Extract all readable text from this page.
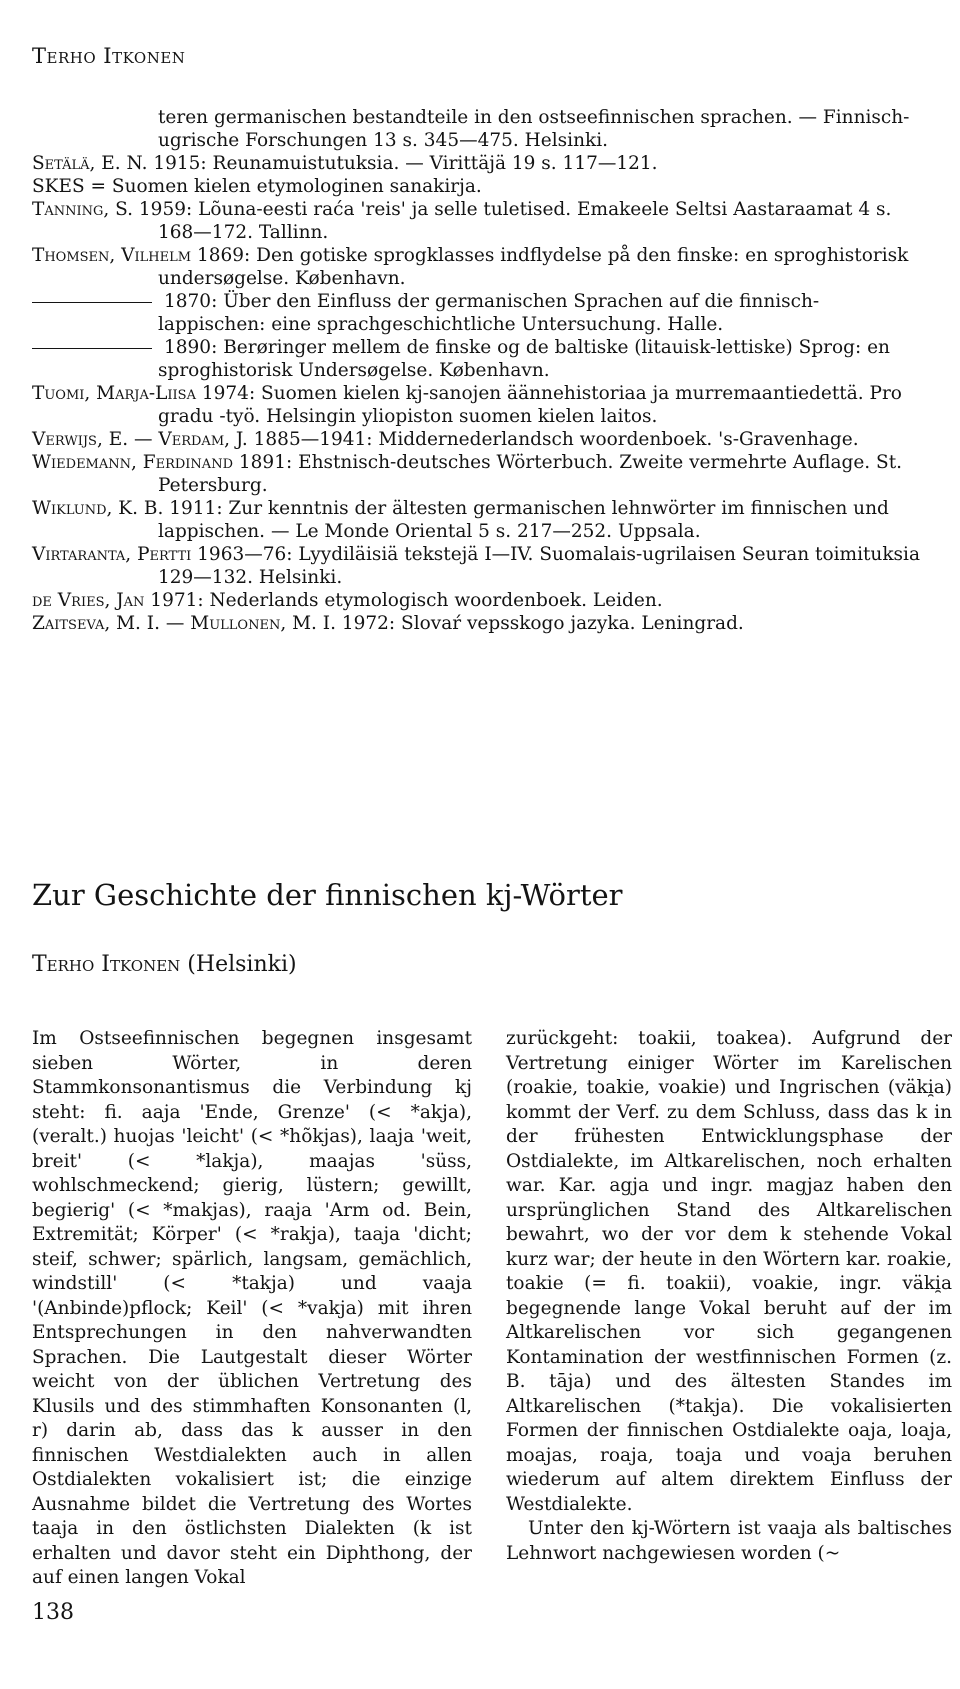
Terho Itkonen

teren germanischen bestandteile in den ostseefinnischen sprachen. — Finnisch-ugrische Forschungen 13 s. 345—475. Helsinki.

Setälä, E. N. 1915: Reunamuistutuksia. — Virittäjä 19 s. 117—121.

SKES = Suomen kielen etymologinen sanakirja.

Tanning, S. 1959: Lõuna-eesti raća 'reis' ja selle tuletised. Emakeele Seltsi Aastaraamat 4 s. 168—172. Tallinn.

Thomsen, Vilhelm 1869: Den gotiske sprogklasses indflydelse på den finske: en sproghistorisk undersøgelse. København.

1870: Über den Einfluss der germanischen Sprachen auf die finnisch-lappischen: eine sprachgeschichtliche Untersuchung. Halle.

1890: Berøringer mellem de finske og de baltiske (litauisk-lettiske) Sprog: en sproghistorisk Undersøgelse. København.

Tuomi, Marja-Liisa 1974: Suomen kielen kj-sanojen äännehistoriaa ja murremaantiedettä. Pro gradu -työ. Helsingin yliopiston suomen kielen laitos.

Verwijs, E. — Verdam, J. 1885—1941: Middernederlandsch woordenboek. 's-Gravenhage.

Wiedemann, Ferdinand 1891: Ehstnisch-deutsches Wörterbuch. Zweite vermehrte Auflage. St. Petersburg.

Wiklund, K. B. 1911: Zur kenntnis der ältesten germanischen lehnwörter im finnischen und lappischen. — Le Monde Oriental 5 s. 217—252. Uppsala.

Virtaranta, Pertti 1963—76: Lyydiläisiä tekstejä I—IV. Suomalais-ugrilaisen Seuran toimituksia 129—132. Helsinki.

de Vries, Jan 1971: Nederlands etymologisch woordenboek. Leiden.

Zaitseva, M. I. — Mullonen, M. I. 1972: Slovaŕ vepsskogo jazyka. Leningrad.

Zur Geschichte der finnischen kj-Wörter
Terho Itkonen (Helsinki)

Im Ostseefinnischen begegnen insgesamt sieben Wörter, in deren Stammkonsonantismus die Verbindung kj steht: fi. aaja 'Ende, Grenze' (< *akja), (veralt.) huojas 'leicht' (< *hõkjas), laaja 'weit, breit' (< *lakja), maajas 'süss, wohlschmeckend; gierig, lüstern; gewillt, begierig' (< *makjas), raaja 'Arm od. Bein, Extremität; Körper' (< *rakja), taaja 'dicht; steif, schwer; spärlich, langsam, gemächlich, windstill' (< *takja) und vaaja '(Anbinde)pflock; Keil' (< *vakja) mit ihren Entsprechungen in den nahverwandten Sprachen. Die Lautgestalt dieser Wörter weicht von der üblichen Vertretung des Klusils und des stimmhaften Konsonanten (l, r) darin ab, dass das k ausser in den finnischen Westdialekten auch in allen Ostdialekten vokalisiert ist; die einzige Ausnahme bildet die Vertretung des Wortes taaja in den östlichsten Dialekten (k ist erhalten und davor steht ein Diphthong, der auf einen langen Vokal

zurückgeht: toakii, toakea). Aufgrund der Vertretung einiger Wörter im Karelischen (roakie, toakie, voakie) und Ingrischen (väki̯a) kommt der Verf. zu dem Schluss, dass das k in der frühesten Entwicklungsphase der Ostdialekte, im Altkarelischen, noch erhalten war. Kar. agja und ingr. magjaz haben den ursprünglichen Stand des Altkarelischen bewahrt, wo der vor dem k stehende Vokal kurz war; der heute in den Wörtern kar. roakie, toakie (= fi. toakii), voakie, ingr. väki̯a begegnende lange Vokal beruht auf der im Altkarelischen vor sich gegangenen Kontamination der westfinnischen Formen (z. B. tāja) und des ältesten Standes im Altkarelischen (*takja). Die vokalisierten Formen der finnischen Ostdialekte oaja, loaja, moajas, roaja, toaja und voaja beruhen wiederum auf altem direktem Einfluss der Westdialekte.

Unter den kj-Wörtern ist vaaja als baltisches Lehnwort nachgewiesen worden (~

138
